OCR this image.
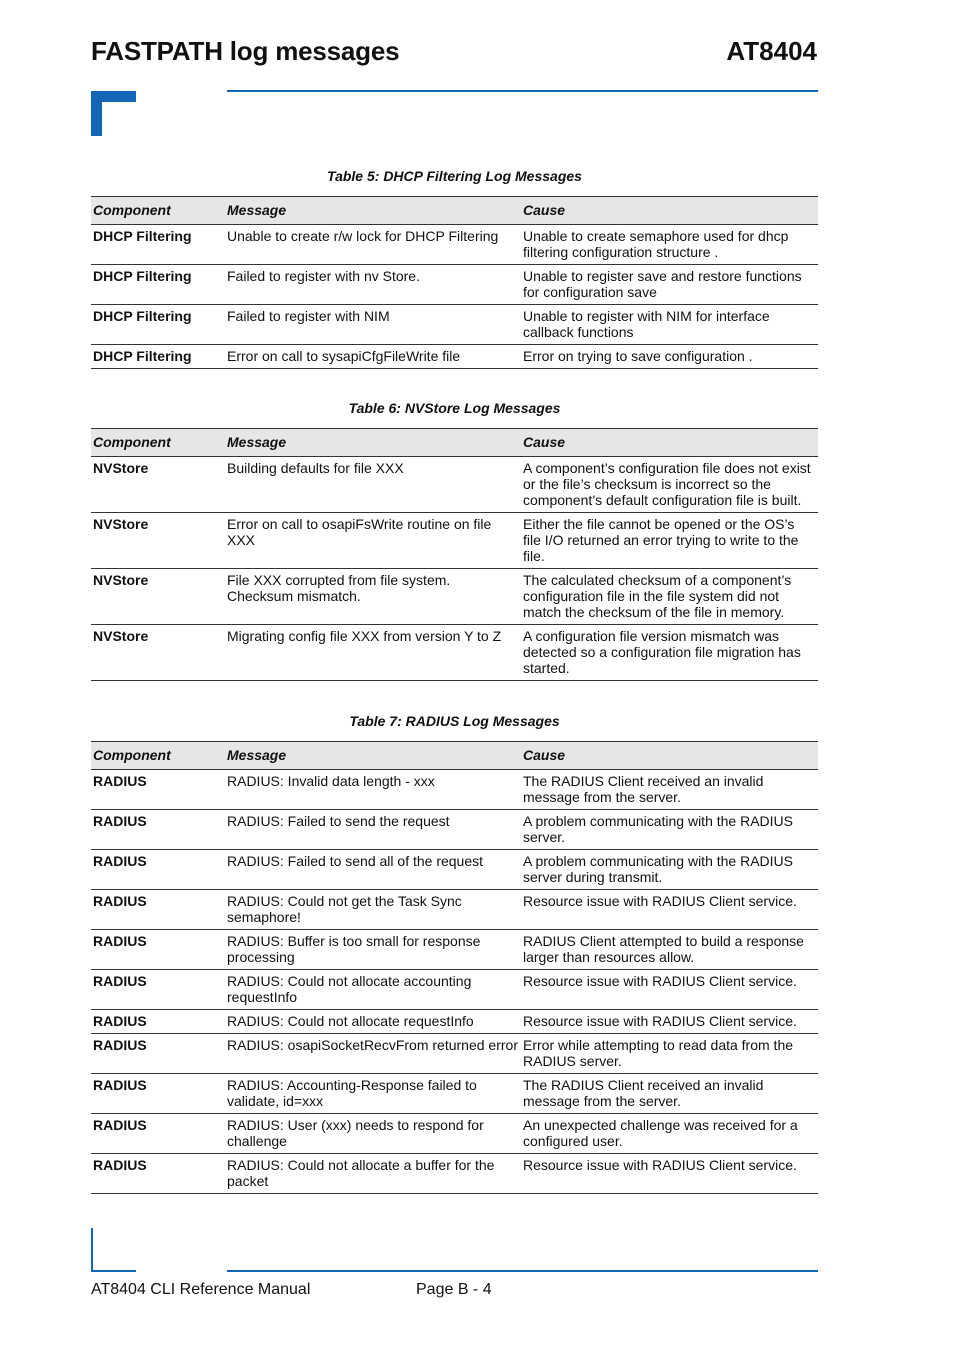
FASTPATH log messages	AT8404
Table 5: DHCP Filtering Log Messages
Component	Message	Cause
DHCP Filtering	Unable to create r/w lock for DHCP Filtering	Unable to create semaphore used for dhcp filtering configuration structure .
DHCP Filtering	Failed to register with nv Store.	Unable to register save and restore functions for configuration save
DHCP Filtering	Failed to register with NIM	Unable to register with NIM for interface callback functions
DHCP Filtering	Error on call to sysapiCfgFileWrite file	Error on trying to save configuration .
Table 6: NVStore Log Messages
Component	Message	Cause
NVStore	Building defaults for file XXX	A component’s configuration file does not exist or the file’s checksum is incorrect so the component’s default configuration file is built.
NVStore	Error on call to osapiFsWrite routine on file XXX	Either the file cannot be opened or the OS’s file I/O returned an error trying to write to the file.
NVStore	File XXX corrupted from file system. Checksum mismatch.	The calculated checksum of a component’s configuration file in the file system did not match the checksum of the file in memory.
NVStore	Migrating config file XXX from version Y to Z	A configuration file version mismatch was detected so a configuration file migration has started.
Table 7: RADIUS Log Messages
Component	Message	Cause
RADIUS	RADIUS: Invalid data length - xxx	The RADIUS Client received an invalid message from the server.
RADIUS	RADIUS: Failed to send the request	A problem communicating with the RADIUS server.
RADIUS	RADIUS: Failed to send all of the request	A problem communicating with the RADIUS server during transmit.
RADIUS	RADIUS: Could not get the Task Sync semaphore!	Resource issue with RADIUS Client service.
RADIUS	RADIUS: Buffer is too small for response processing	RADIUS Client attempted to build a response larger than resources allow.
RADIUS	RADIUS: Could not allocate accounting requestInfo	Resource issue with RADIUS Client service.
RADIUS	RADIUS: Could not allocate requestInfo	Resource issue with RADIUS Client service.
RADIUS	RADIUS: osapiSocketRecvFrom returned error	Error while attempting to read data from the RADIUS server.
RADIUS	RADIUS: Accounting-Response failed to validate, id=xxx	The RADIUS Client received an invalid message from the server.
RADIUS	RADIUS: User (xxx) needs to respond for challenge	An unexpected challenge was received for a configured user.
RADIUS	RADIUS: Could not allocate a buffer for the packet	Resource issue with RADIUS Client service.
AT8404 CLI Reference Manual	Page B - 4
